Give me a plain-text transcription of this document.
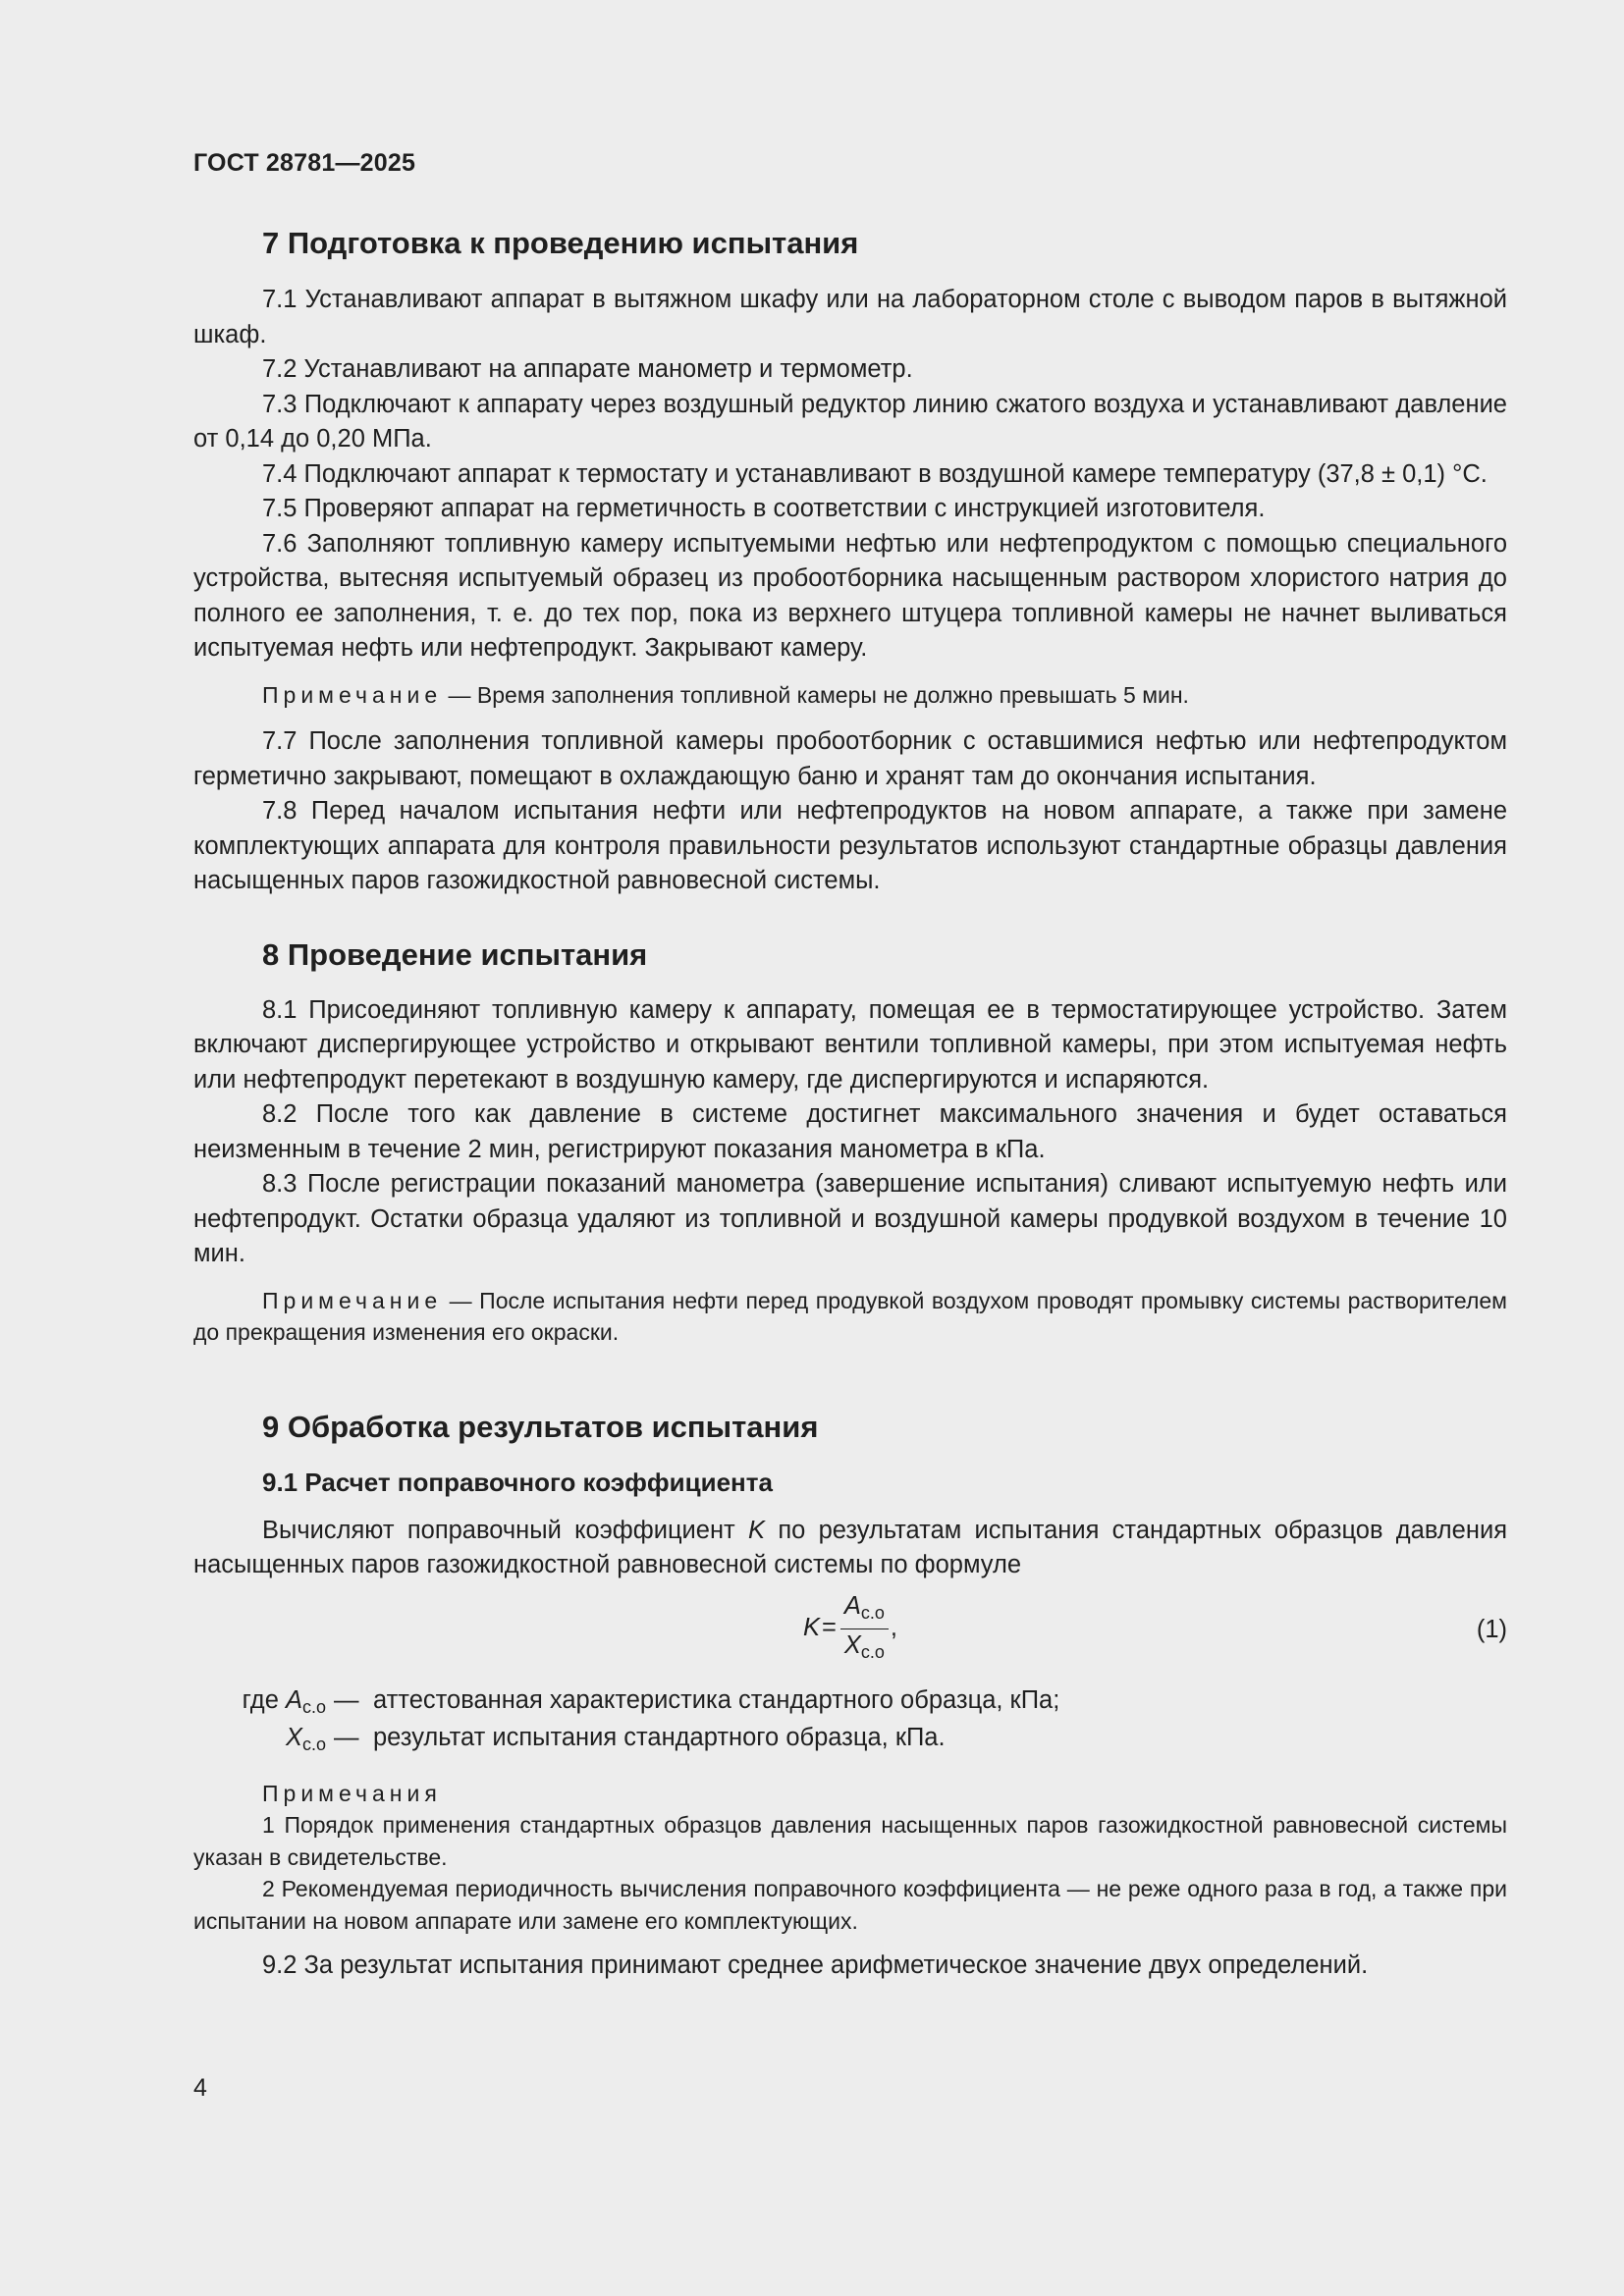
ГОСТ 28781—2025
7 Подготовка к проведению испытания

7.1 Устанавливают аппарат в вытяжном шкафу или на лабораторном столе с выводом паров в вытяжной шкаф.

7.2 Устанавливают на аппарате манометр и термометр.

7.3 Подключают к аппарату через воздушный редуктор линию сжатого воздуха и устанавливают давление от 0,14 до 0,20 МПа.

7.4 Подключают аппарат к термостату и устанавливают в воздушной камере температуру (37,8 ± 0,1) °С.

7.5 Проверяют аппарат на герметичность в соответствии с инструкцией изготовителя.

7.6 Заполняют топливную камеру испытуемыми нефтью или нефтепродуктом с помощью специального устройства, вытесняя испытуемый образец из пробоотборника насыщенным раствором хлористого натрия до полного ее заполнения, т. е. до тех пор, пока из верхнего штуцера топливной камеры не начнет выливаться испытуемая нефть или нефтепродукт. Закрывают камеру.

Примечание — Время заполнения топливной камеры не должно превышать 5 мин.

7.7 После заполнения топливной камеры пробоотборник с оставшимися нефтью или нефтепродуктом герметично закрывают, помещают в охлаждающую баню и хранят там до окончания испытания.

7.8 Перед началом испытания нефти или нефтепродуктов на новом аппарате, а также при замене комплектующих аппарата для контроля правильности результатов используют стандартные образцы давления насыщенных паров газожидкостной равновесной системы.

8 Проведение испытания

8.1 Присоединяют топливную камеру к аппарату, помещая ее в термостатирующее устройство. Затем включают диспергирующее устройство и открывают вентили топливной камеры, при этом испытуемая нефть или нефтепродукт перетекают в воздушную камеру, где диспергируются и испаряются.

8.2 После того как давление в системе достигнет максимального значения и будет оставаться неизменным в течение 2 мин, регистрируют показания манометра в кПа.

8.3 После регистрации показаний манометра (завершение испытания) сливают испытуемую нефть или нефтепродукт. Остатки образца удаляют из топливной и воздушной камеры продувкой воздухом в течение 10 мин.

Примечание — После испытания нефти перед продувкой воздухом проводят промывку системы растворителем до прекращения изменения его окраски.

9 Обработка результатов испытания
9.1 Расчет поправочного коэффициента

Вычисляют поправочный коэффициент K по результатам испытания стандартных образцов давления насыщенных паров газожидкостной равновесной системы по формуле

$K = \frac{A_{с.о}}{X_{с.о}}$ ,	(1)
где $A_{с.о}$ — аттестованная характеристика стандартного образца, кПа;
$X_{с.о}$ — результат испытания стандартного образца, кПа.

Примечания

1 Порядок применения стандартных образцов давления насыщенных паров газожидкостной равновесной системы указан в свидетельстве.

2 Рекомендуемая периодичность вычисления поправочного коэффициента — не реже одного раза в год, а также при испытании на новом аппарате или замене его комплектующих.

9.2 За результат испытания принимают среднее арифметическое значение двух определений.

4
